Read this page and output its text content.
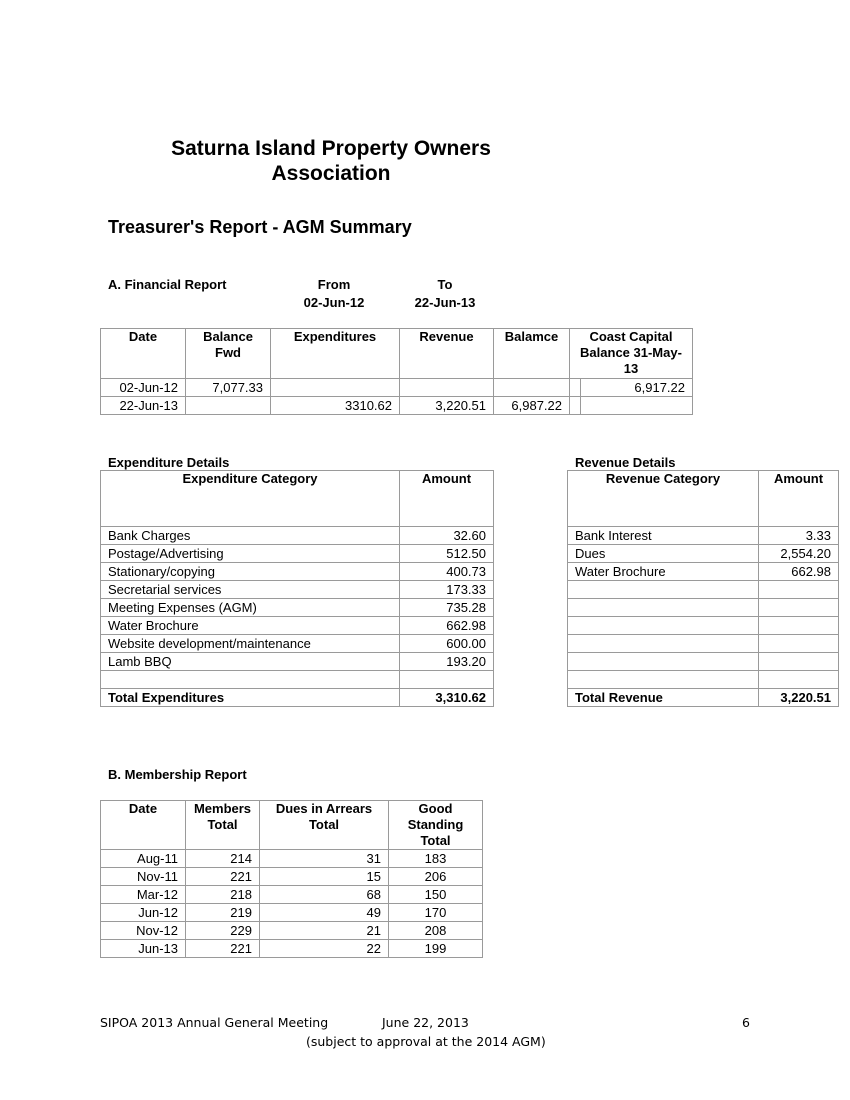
Saturna Island Property Owners Association
Treasurer's Report - AGM Summary
A. Financial Report	From
02-Jun-12
To
22-Jun-13
Date	Balance Fwd	Expenditures	Revenue	Balamce	Coast Capital Balance 31-May-13	
02-Jun-12	7,077.33					6,917.22
22-Jun-13		3310.62	3,220.51	6,987.22		
Expenditure Details
Expenditure Category	Amount
Bank Charges	32.60
Postage/Advertising	512.50
Stationary/copying	400.73
Secretarial services	173.33
Meeting Expenses (AGM)	735.28
Water Brochure	662.98
Website development/maintenance	600.00
Lamb BBQ	193.20

Total Expenditures	3,310.62
Revenue Details
Revenue Category	Amount
Bank Interest	3.33
Dues	2,554.20
Water Brochure	662.98

Total Revenue	3,220.51
B. Membership Report
Date	Members Total	Dues in Arrears Total	Good Standing Total
Aug-11	214	31	183
Nov-11	221	15	206
Mar-12	218	68	150
Jun-12	219	49	170
Nov-12	229	21	208
Jun-13	221	22	199
SIPOA 2013 Annual General Meeting	June 22, 2013	6
(subject to approval at the 2014 AGM)
